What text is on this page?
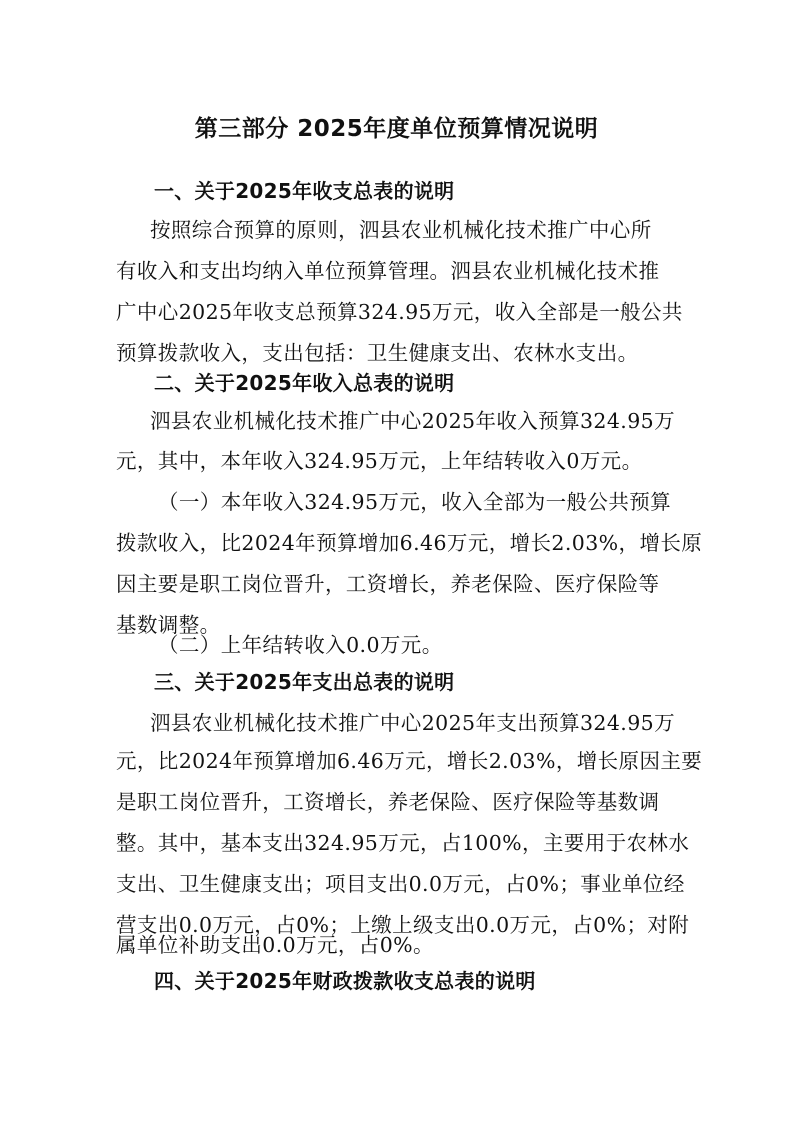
第三部分 2025年度单位预算情况说明
一、关于2025年收支总表的说明
按照综合预算的原则，泗县农业机械化技术推广中心所
有收入和支出均纳入单位预算管理。泗县农业机械化技术推
广中心2025年收支总预算324.95万元，收入全部是一般公共
预算拨款收入，支出包括：卫生健康支出、农林水支出。
二、关于2025年收入总表的说明
泗县农业机械化技术推广中心2025年收入预算324.95万
元，其中，本年收入324.95万元，上年结转收入0万元。
（一）本年收入324.95万元，收入全部为一般公共预算
拨款收入，比2024年预算增加6.46万元，增长2.03%，增长原
因主要是职工岗位晋升，工资增长，养老保险、医疗保险等
基数调整。
（二）上年结转收入0.0万元。
三、关于2025年支出总表的说明
泗县农业机械化技术推广中心2025年支出预算324.95万
元，比2024年预算增加6.46万元，增长2.03%，增长原因主要
是职工岗位晋升，工资增长，养老保险、医疗保险等基数调
整。其中，基本支出324.95万元，占100%，主要用于农林水
支出、卫生健康支出；项目支出0.0万元，占0%；事业单位经
营支出0.0万元，占0%；上缴上级支出0.0万元，占0%；对附
属单位补助支出0.0万元，占0%。
四、关于2025年财政拨款收支总表的说明
